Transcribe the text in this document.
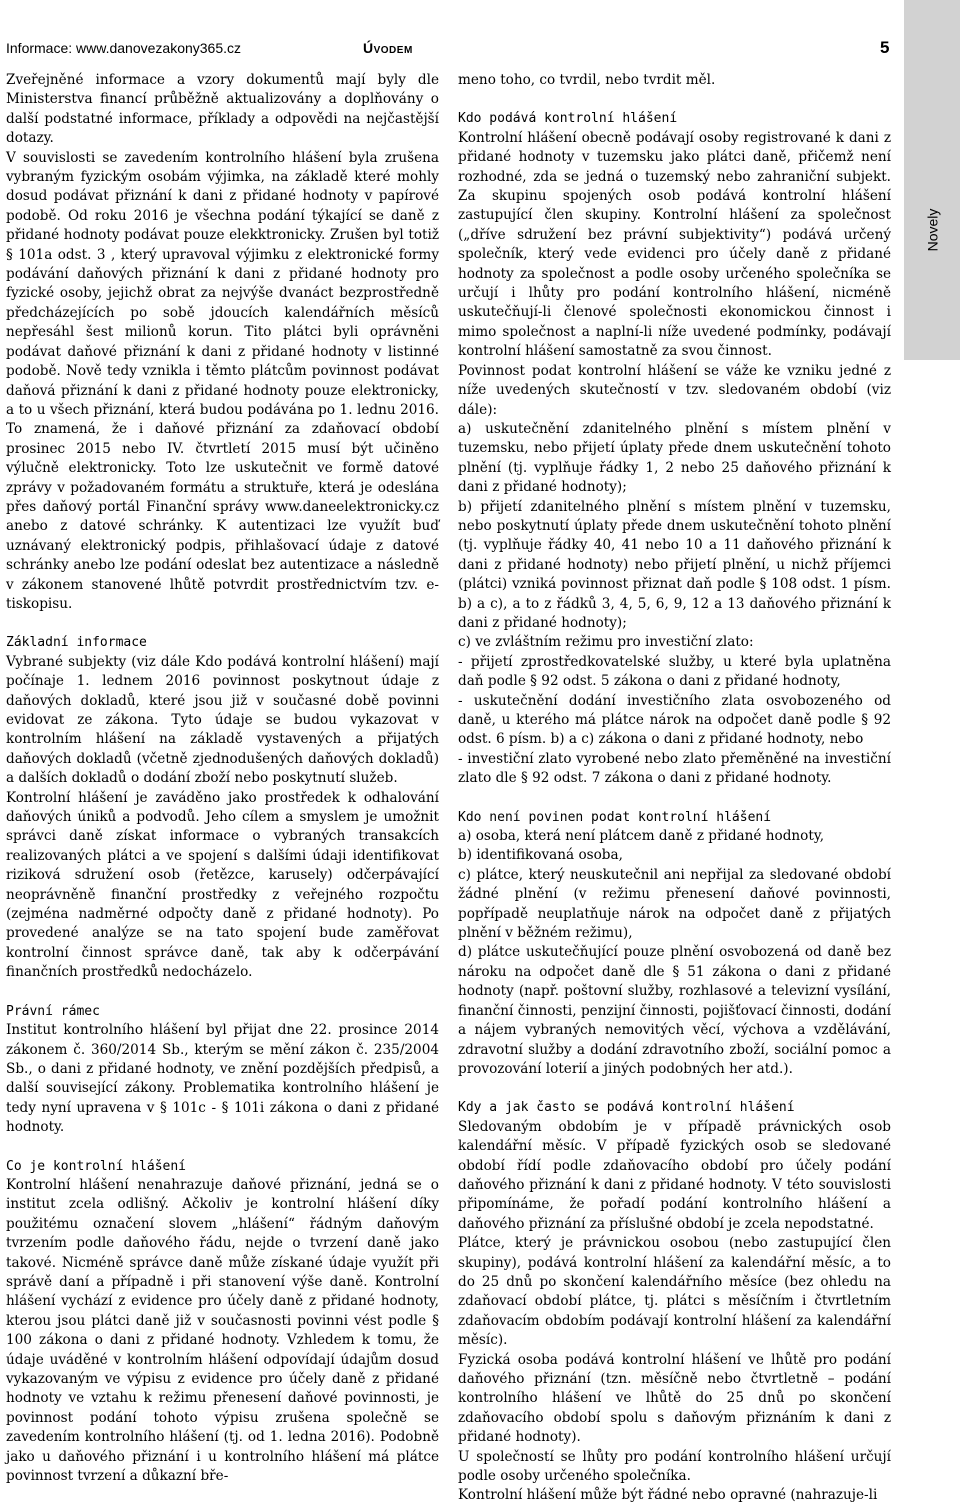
Novely
Informace: www.danovezakony365.cz	Úvodem	5

Zveřejněné informace a vzory dokumentů mají byly dle Ministerstva financí průběžně aktualizovány a doplňovány o další podstatné informace, příklady a odpovědi na nejčastější dotazy.

V souvislosti se zavedením kontrolního hlášení byla zrušena vybraným fyzickým osobám výjimka, na základě které mohly dosud podávat přiznání k dani z přidané hodnoty v papírové podobě. Od roku 2016 je všechna podání týkající se daně z přidané hodnoty podávat pouze elekktronicky. Zrušen byl totiž § 101a odst. 3 , který upravoval výjimku z elektronické formy podávání daňových přiznání k dani z přidané hodnoty pro fyzické osoby, jejichž obrat za nejvýše dvanáct bezprostředně předcházejících po sobě jdoucích kalendářních měsíců nepřesáhl šest milionů korun. Tito plátci byli oprávněni podávat daňové přiznání k dani z přidané hodnoty v listinné podobě. Nově tedy vznikla i těmto plátcům povinnost podávat daňová přiznání k dani z přidané hodnoty pouze elektronicky, a to u všech přiznání, která budou podávána po 1. lednu 2016. To znamená, že i daňové přiznání za zdaňovací období prosinec 2015 nebo IV. čtvrtletí 2015 musí být učiněno výlučně elektronicky. Toto lze uskutečnit ve formě datové zprávy v požadovaném formátu a struktuře, která je odeslána přes daňový portál Finanční správy www.daneelektronicky.cz anebo z datové schránky. K autentizaci lze využít buď uznávaný elektronický podpis, přihlašovací údaje z datové schránky anebo lze podání odeslat bez autentizace a následně v zákonem stanovené lhůtě potvrdit prostřednictvím tzv. e-tiskopisu.

Základní informace

Vybrané subjekty (viz dále Kdo podává kontrolní hlášení) mají počínaje 1. lednem 2016 povinnost poskytnout údaje z daňových dokladů, které jsou již v současné době povinni evidovat ze zákona. Tyto údaje se budou vykazovat v kontrolním hlášení na základě vystavených a přijatých daňových dokladů (včetně zjednodušených daňových dokladů) a dalších dokladů o dodání zboží nebo poskytnutí služeb.

Kontrolní hlášení je zaváděno jako prostředek k odhalování daňových úniků a podvodů. Jeho cílem a smyslem je umožnit správci daně získat informace o vybraných transakcích realizovaných plátci a ve spojení s dalšími údaji identifikovat riziková sdružení osob (řetězce, karusely) odčerpávající neoprávněně finanční prostředky z veřejného rozpočtu (zejména nadměrné odpočty daně z přidané hodnoty). Po provedené analýze se na tato spojení bude zaměřovat kontrolní činnost správce daně, tak aby k odčerpávání finančních prostředků nedocházelo.

Právní rámec

Institut kontrolního hlášení byl přijat dne 22. prosince 2014 zákonem č. 360/2014 Sb., kterým se mění zákon č. 235/2004 Sb., o dani z přidané hodnoty, ve znění pozdějších předpisů, a další související zákony. Problematika kontrolního hlášení je tedy nyní upravena v § 101c - § 101i zákona o dani z přidané hodnoty.

Co je kontrolní hlášení

Kontrolní hlášení nenahrazuje daňové přiznání, jedná se o institut zcela odlišný. Ačkoliv je kontrolní hlášení díky použitému označení slovem „hlášení“ řádným daňovým tvrzením podle daňového řádu, nejde o tvrzení daně jako takové. Nicméně správce daně může získané údaje využít při správě daní a případně i při stanovení výše daně. Kontrolní hlášení vychází z evidence pro účely daně z přidané hodnoty, kterou jsou plátci daně již v současnosti povinni vést podle § 100 zákona o dani z přidané hodnoty. Vzhledem k tomu, že údaje uváděné v kontrolním hlášení odpovídají údajům dosud vykazovaným ve výpisu z evidence pro účely daně z přidané hodnoty ve vztahu k režimu přenesení daňové povinnosti, je povinnost podání tohoto výpisu zrušena společně se zavedením kontrolního hlášení (tj. od 1. ledna 2016). Podobně jako u daňového přiznání i u kontrolního hlášení má plátce povinnost tvrzení a důkazní bře-

meno toho, co tvrdil, nebo tvrdit měl.

Kdo podává kontrolní hlášení

Kontrolní hlášení obecně podávají osoby registrované k dani z přidané hodnoty v tuzemsku jako plátci daně, přičemž není rozhodné, zda se jedná o tuzemský nebo zahraniční subjekt. Za skupinu spojených osob podává kontrolní hlášení zastupující člen skupiny. Kontrolní hlášení za společnost („dříve sdružení bez právní subjektivity“) podává určený společník, který vede evidenci pro účely daně z přidané hodnoty za společnost a podle osoby určeného společníka se určují i lhůty pro podání kontrolního hlášení, nicméně uskutečňují-li členové společnosti ekonomickou činnost i mimo společnost a naplní-li níže uvedené podmínky, podávají kontrolní hlášení samostatně za svou činnost.

Povinnost podat kontrolní hlášení se váže ke vzniku jedné z níže uvedených skutečností v tzv. sledovaném období (viz dále):

a) uskutečnění zdanitelného plnění s místem plnění v tuzemsku, nebo přijetí úplaty přede dnem uskutečnění tohoto plnění (tj. vyplňuje řádky 1, 2 nebo 25 daňového přiznání k dani z přidané hodnoty);

b) přijetí zdanitelného plnění s místem plnění v tuzemsku, nebo poskytnutí úplaty přede dnem uskutečnění tohoto plnění (tj. vyplňuje řádky 40, 41 nebo 10 a 11 daňového přiznání k dani z přidané hodnoty) nebo přijetí plnění, u nichž příjemci (plátci) vzniká povinnost přiznat daň podle § 108 odst. 1 písm. b) a c), a to z řádků 3, 4, 5, 6, 9, 12 a 13 daňového přiznání k dani z přidané hodnoty);

c) ve zvláštním režimu pro investiční zlato:

- přijetí zprostředkovatelské služby, u které byla uplatněna daň podle § 92 odst. 5 zákona o dani z přidané hodnoty,

- uskutečnění dodání investičního zlata osvobozeného od daně, u kterého má plátce nárok na odpočet daně podle § 92 odst. 6 písm. b) a c) zákona o dani z přidané hodnoty, nebo

- investiční zlato vyrobené nebo zlato přeměněné na investiční zlato dle § 92 odst. 7 zákona o dani z přidané hodnoty.

Kdo není povinen podat kontrolní hlášení

a) osoba, která není plátcem daně z přidané hodnoty,

b) identifikovaná osoba,

c) plátce, který neuskutečnil ani nepřijal za sledované období žádné plnění (v režimu přenesení daňové povinnosti, popřípadě neuplatňuje nárok na odpočet daně z přijatých plnění v běžném režimu),

d) plátce uskutečňující pouze plnění osvobozená od daně bez nároku na odpočet daně dle § 51 zákona o dani z přidané hodnoty (např. poštovní služby, rozhlasové a televizní vysílání, finanční činnosti, penzijní činnosti, pojišťovací činnosti, dodání a nájem vybraných nemovitých věcí, výchova a vzdělávání, zdravotní služby a dodání zdravotního zboží, sociální pomoc a provozování loterií a jiných podobných her atd.).

Kdy a jak často se podává kontrolní hlášení

Sledovaným obdobím je v případě právnických osob kalendářní měsíc. V případě fyzických osob se sledované období řídí podle zdaňovacího období pro účely podání daňového přiznání k dani z přidané hodnoty. V této souvislosti připomínáme, že pořadí podání kontrolního hlášení a daňového přiznání za příslušné období je zcela nepodstatné.

Plátce, který je právnickou osobou (nebo zastupující člen skupiny), podává kontrolní hlášení za kalendářní měsíc, a to do 25 dnů po skončení kalendářního měsíce (bez ohledu na zdaňovací období plátce, tj. plátci s měsíčním i čtvrtletním zdaňovacím obdobím podávají kontrolní hlášení za kalendářní měsíc).

Fyzická osoba podává kontrolní hlášení ve lhůtě pro podání daňového přiznání (tzn. měsíčně nebo čtvrtletně – podání kontrolního hlášení ve lhůtě do 25 dnů po skončení zdaňovacího období spolu s daňovým přiznáním k dani z přidané hodnoty).

U společností se lhůty pro podání kontrolního hlášení určují podle osoby určeného společníka.

Kontrolní hlášení může být řádné nebo opravné (nahrazuje-li
